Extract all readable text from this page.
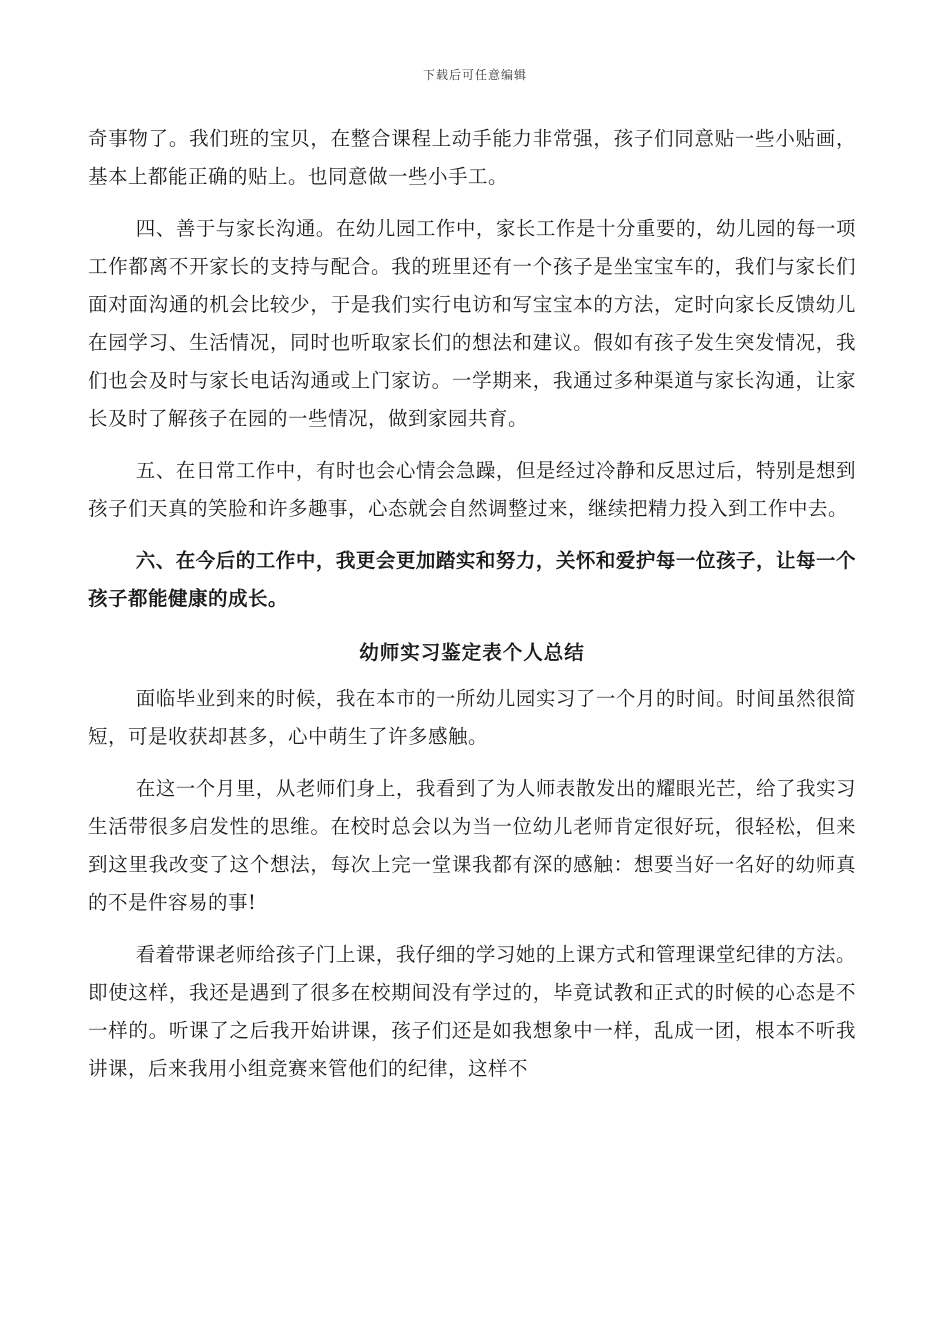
下载后可任意编辑

奇事物了。我们班的宝贝，在整合课程上动手能力非常强，孩子们同意贴一些小贴画，基本上都能正确的贴上。也同意做一些小手工。

四、善于与家长沟通。在幼儿园工作中，家长工作是十分重要的，幼儿园的每一项工作都离不开家长的支持与配合。我的班里还有一个孩子是坐宝宝车的，我们与家长们面对面沟通的机会比较少，于是我们实行电访和写宝宝本的方法，定时向家长反馈幼儿在园学习、生活情况，同时也听取家长们的想法和建议。假如有孩子发生突发情况，我们也会及时与家长电话沟通或上门家访。一学期来，我通过多种渠道与家长沟通，让家长及时了解孩子在园的一些情况，做到家园共育。

五、在日常工作中，有时也会心情会急躁，但是经过冷静和反思过后，特别是想到孩子们天真的笑脸和许多趣事，心态就会自然调整过来，继续把精力投入到工作中去。

六、在今后的工作中，我更会更加踏实和努力，关怀和爱护每一位孩子，让每一个孩子都能健康的成长。

幼师实习鉴定表个人总结

面临毕业到来的时候，我在本市的一所幼儿园实习了一个月的时间。时间虽然很简短，可是收获却甚多，心中萌生了许多感触。

在这一个月里，从老师们身上，我看到了为人师表散发出的耀眼光芒，给了我实习生活带很多启发性的思维。在校时总会以为当一位幼儿老师肯定很好玩，很轻松，但来到这里我改变了这个想法，每次上完一堂课我都有深的感触：想要当好一名好的幼师真的不是件容易的事!

看着带课老师给孩子门上课，我仔细的学习她的上课方式和管理课堂纪律的方法。即使这样，我还是遇到了很多在校期间没有学过的，毕竟试教和正式的时候的心态是不一样的。听课了之后我开始讲课，孩子们还是如我想象中一样，乱成一团，根本不听我讲课，后来我用小组竞赛来管他们的纪律，这样不
